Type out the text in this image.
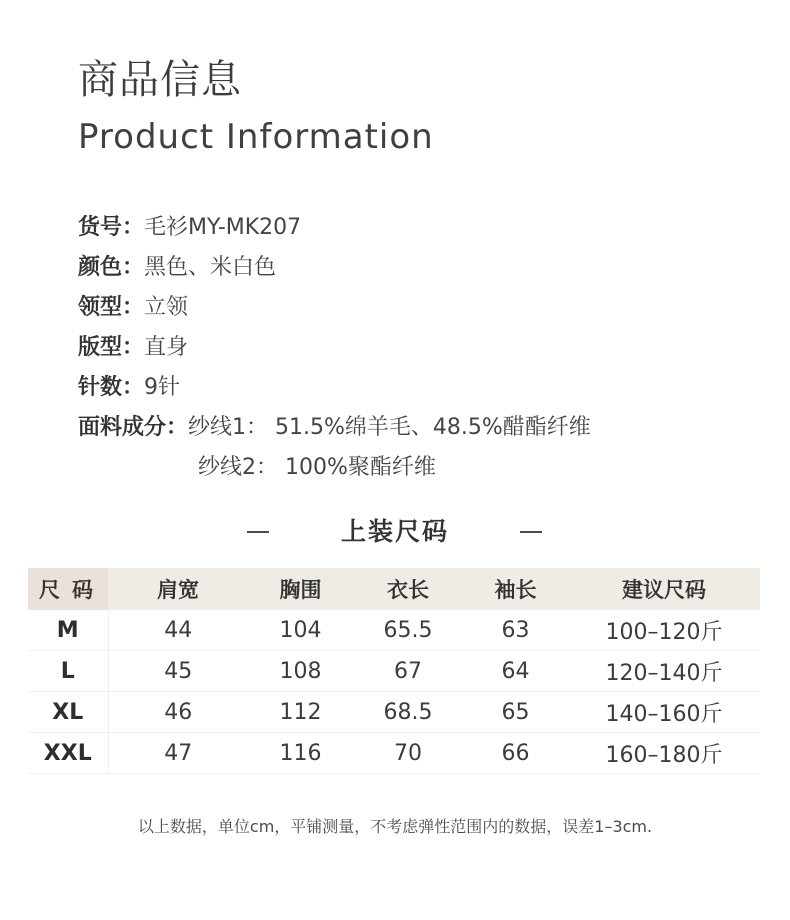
商品信息
Product Information
货号： 毛衫MY-MK207
颜色： 黑色、米白色
领型： 立领
版型： 直身
针数： 9针
面料成分： 纱线1： 51.5%绵羊毛、48.5%醋酯纤维
纱线2： 100%聚酯纤维
上装尺码
尺码	肩宽	胸围	衣长	袖长	建议尺码
M	44	104	65.5	63	100–120斤
L	45	108	67	64	120–140斤
XL	46	112	68.5	65	140–160斤
XXL	47	116	70	66	160–180斤
以上数据，单位cm，平铺测量，不考虑弹性范围内的数据，误差1–3cm.
